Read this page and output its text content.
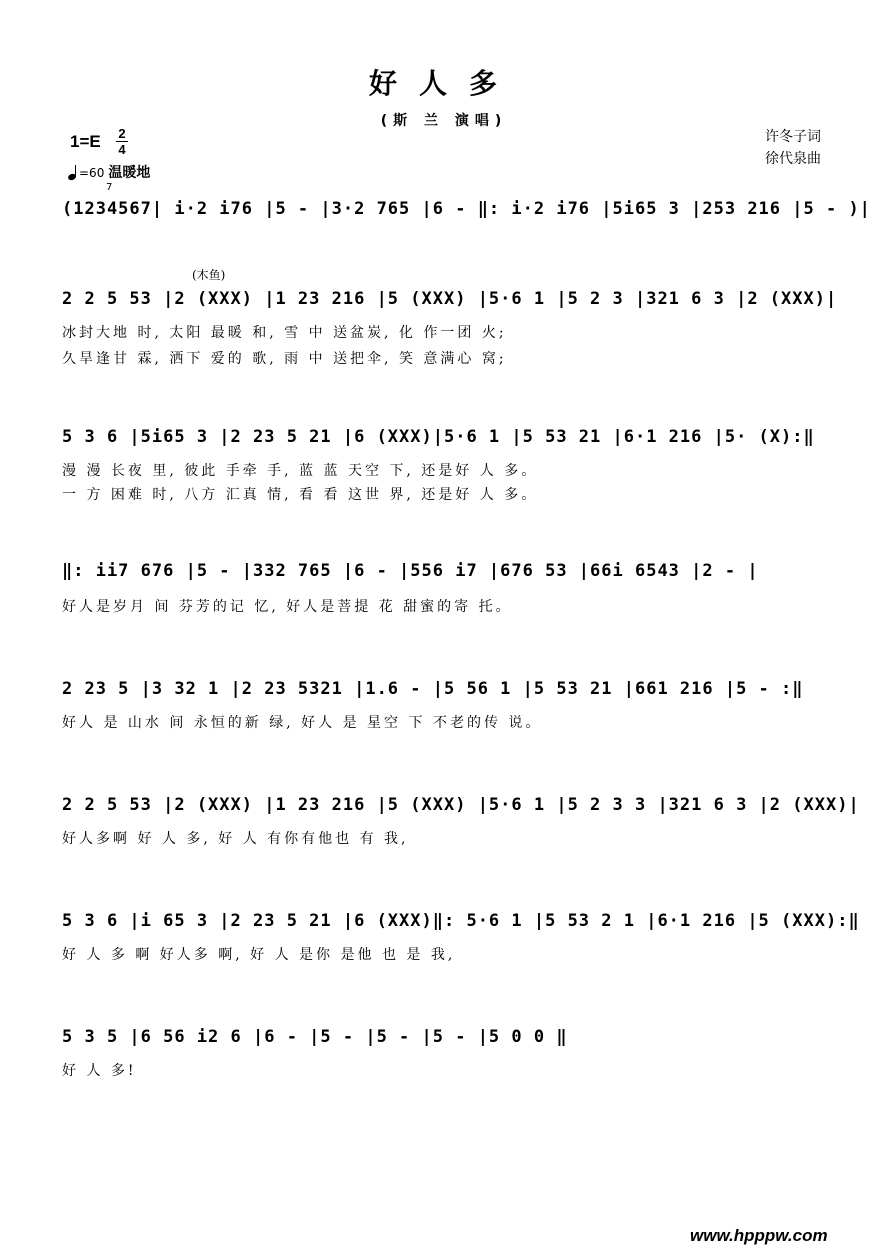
好人多
(斯 兰 演唱)
1=E 2
4
=60 温暖地
许冬子词
徐代泉曲
7
(木鱼)
(1234567| i·2 i76 |5 - |3·2 765 |6 - ‖: i·2 i76 |5i65 3 |253 216 |5 - )|
2 2 5 53 |2 (XXX) |1 23 216 |5 (XXX) |5·6 1 |5 2 3 |321 6 3 |2 (XXX)|
冰封大地 时, 太阳 最暖 和, 雪 中 送盆炭, 化 作一团 火;
久旱逢甘 霖, 洒下 爱的 歌, 雨 中 送把伞, 笑 意满心 窝;
5 3 6 |5i65 3 |2 23 5 21 |6 (XXX)|5·6 1 |5 53 21 |6·1 216 |5· (X):‖
漫 漫 长夜 里, 彼此 手牵 手, 蓝 蓝 天空 下, 还是好 人 多。
一 方 困难 时, 八方 汇真 情, 看 看 这世 界, 还是好 人 多。
‖: ii7 676 |5 - |332 765 |6 - |556 i7 |676 53 |66i 6543 |2 - |
好人是岁月 间 芬芳的记 忆, 好人是菩提 花 甜蜜的寄 托。
2 23 5 |3 32 1 |2 23 5321 |1.6 - |5 56 1 |5 53 21 |661 216 |5 - :‖
好人 是 山水 间 永恒的新 绿, 好人 是 星空 下 不老的传 说。
2 2 5 53 |2 (XXX) |1 23 216 |5 (XXX) |5·6 1 |5 2 3 3 |321 6 3 |2 (XXX)|
好人多啊 好 人 多, 好 人 有你有他也 有 我,
5 3 6 |i 65 3 |2 23 5 21 |6 (XXX)‖: 5·6 1 |5 53 2 1 |6·1 216 |5 (XXX):‖
好 人 多 啊 好人多 啊, 好 人 是你 是他 也 是 我,
5 3 5 |6 56 i2 6 |6 - |5 - |5 - |5 - |5 0 0 ‖
好 人 多!
www.hpppw.com
